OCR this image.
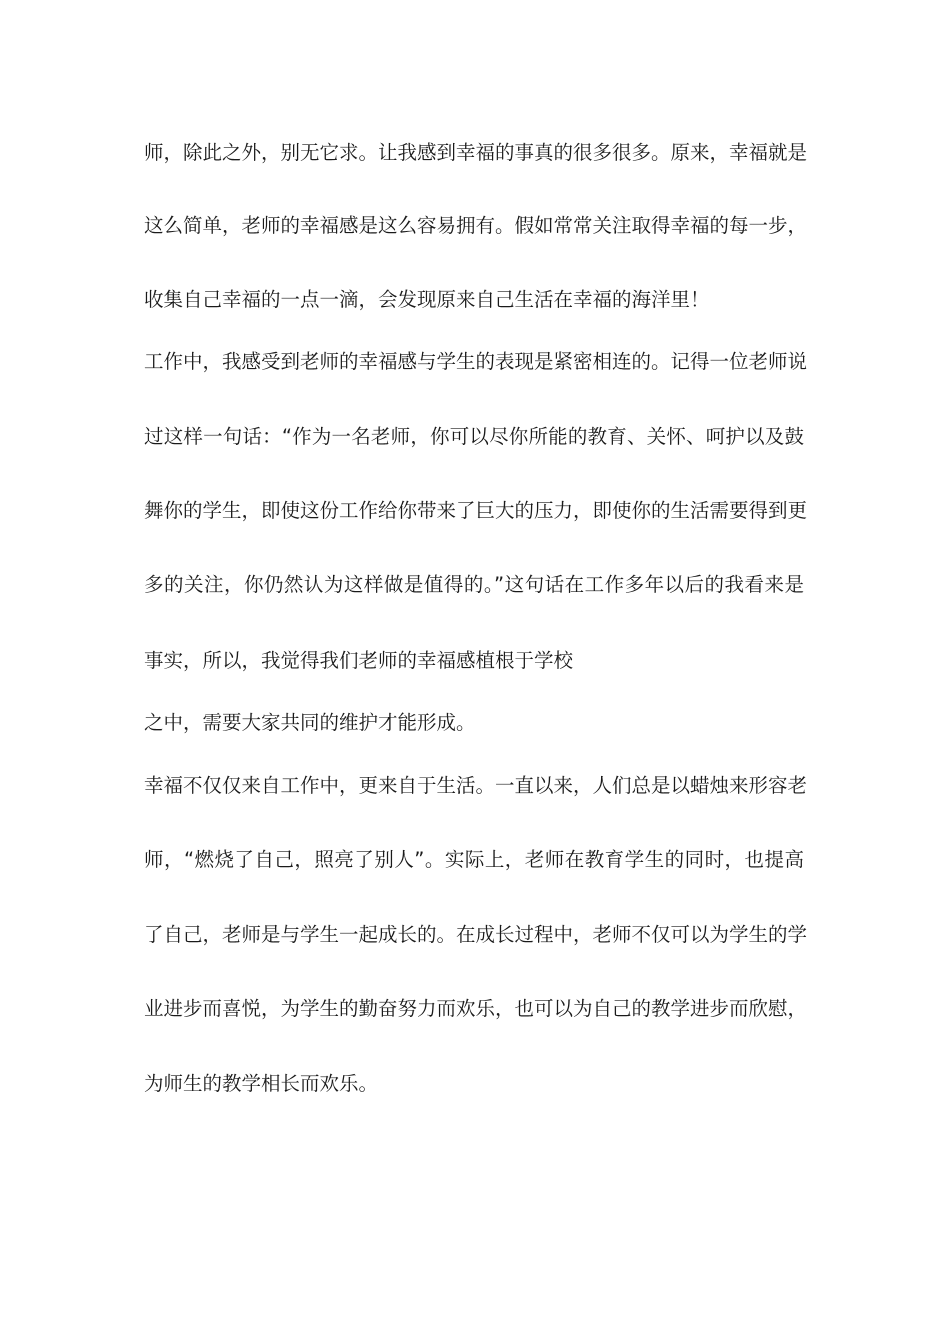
师，除此之外，别无它求。让我感到幸福的事真的很多很多。原来，幸福就是
这么简单，老师的幸福感是这么容易拥有。假如常常关注取得幸福的每一步，
收集自己幸福的一点一滴，会发现原来自己生活在幸福的海洋里！
工作中，我感受到老师的幸福感与学生的表现是紧密相连的。记得一位老师说
过这样一句话：“作为一名老师，你可以尽你所能的教育、关怀、呵护以及鼓
舞你的学生，即使这份工作给你带来了巨大的压力，即使你的生活需要得到更
多的关注，你仍然认为这样做是值得的。”这句话在工作多年以后的我看来是
事实，所以，我觉得我们老师的幸福感植根于学校
之中，需要大家共同的维护才能形成。
幸福不仅仅来自工作中，更来自于生活。一直以来，人们总是以蜡烛来形容老
师，“燃烧了自己，照亮了别人”。实际上，老师在教育学生的同时，也提高
了自己，老师是与学生一起成长的。在成长过程中，老师不仅可以为学生的学
业进步而喜悦，为学生的勤奋努力而欢乐，也可以为自己的教学进步而欣慰，
为师生的教学相长而欢乐。
